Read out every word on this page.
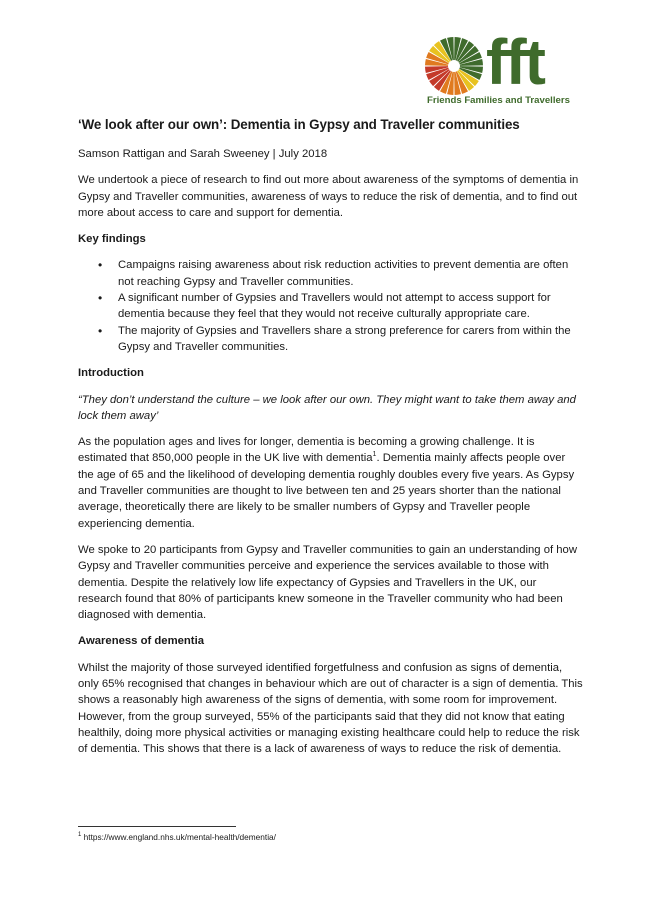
fft
Friends Families and Travellers
‘We look after our own’: Dementia in Gypsy and Traveller communities

Samson Rattigan and Sarah Sweeney | July 2018

We undertook a piece of research to find out more about awareness of the symptoms of dementia in Gypsy and Traveller communities, awareness of ways to reduce the risk of dementia, and to find out more about access to care and support for dementia.

Key findings
• Campaigns raising awareness about risk reduction activities to prevent dementia are often not reaching Gypsy and Traveller communities.
• A significant number of Gypsies and Travellers would not attempt to access support for dementia because they feel that they would not receive culturally appropriate care.
• The majority of Gypsies and Travellers share a strong preference for carers from within the Gypsy and Traveller communities.
Introduction

“They don’t understand the culture – we look after our own. They might want to take them away and lock them away’

As the population ages and lives for longer, dementia is becoming a growing challenge. It is estimated that 850,000 people in the UK live with dementia$^1$. Dementia mainly affects people over the age of 65 and the likelihood of developing dementia roughly doubles every five years. As Gypsy and Traveller communities are thought to live between ten and 25 years shorter than the national average, theoretically there are likely to be smaller numbers of Gypsy and Traveller people experiencing dementia.

We spoke to 20 participants from Gypsy and Traveller communities to gain an understanding of how Gypsy and Traveller communities perceive and experience the services available to those with dementia. Despite the relatively low life expectancy of Gypsies and Travellers in the UK, our research found that 80% of participants knew someone in the Traveller community who had been diagnosed with dementia.

Awareness of dementia

Whilst the majority of those surveyed identified forgetfulness and confusion as signs of dementia, only 65% recognised that changes in behaviour which are out of character is a sign of dementia. This shows a reasonably high awareness of the signs of dementia, with some room for improvement. However, from the group surveyed, 55% of the participants said that they did not know that eating healthily, doing more physical activities or managing existing healthcare could help to reduce the risk of dementia. This shows that there is a lack of awareness of ways to reduce the risk of dementia.

$^1$ https://www.england.nhs.uk/mental-health/dementia/
